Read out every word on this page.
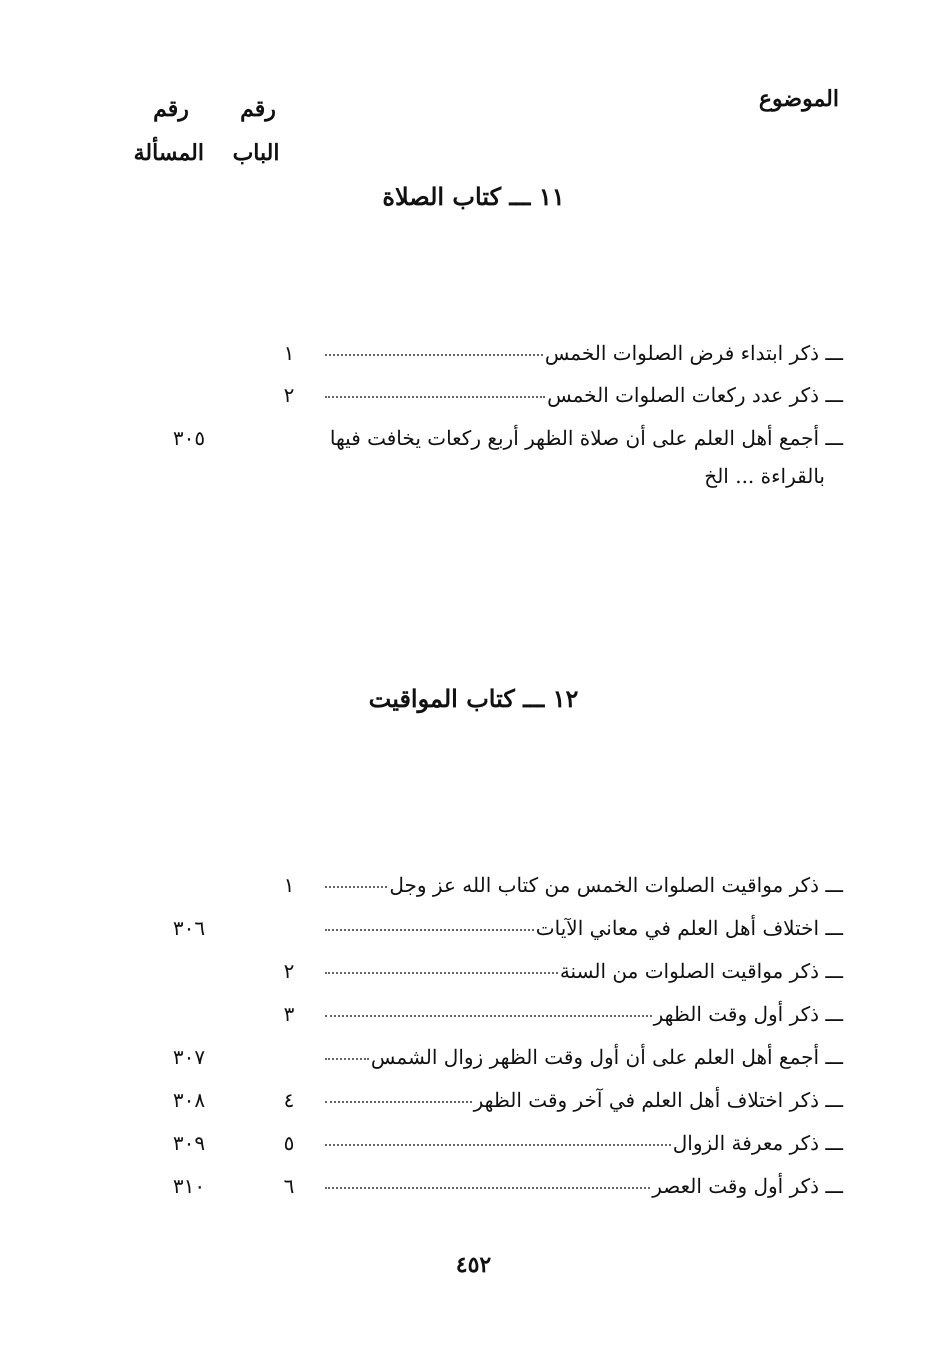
الموضوع
رقم
الباب
رقم
المسألة
١١ ـــ كتاب الصلاة
ـــ ذكر ابتداء فرض الصلوات الخمس
١
ـــ ذكر عدد ركعات الصلوات الخمس
٢
ـــ أجمع أهل العلم على أن صلاة الظهر أربع ركعات يخافت فيها
٣٠٥
بالقراءة ... الخ
١٢ ـــ كتاب المواقيت
ـــ ذكر مواقيت الصلوات الخمس من كتاب الله عز وجل
١
ـــ اختلاف أهل العلم في معاني الآيات
٣٠٦
ـــ ذكر مواقيت الصلوات من السنة
٢
ـــ ذكر أول وقت الظهر
٣
ـــ أجمع أهل العلم على أن أول وقت الظهر زوال الشمس
٣٠٧
ـــ ذكر اختلاف أهل العلم في آخر وقت الظهر
٤
٣٠٨
ـــ ذكر معرفة الزوال
٥
٣٠٩
ـــ ذكر أول وقت العصر
٦
٣١٠
٤٥٢
